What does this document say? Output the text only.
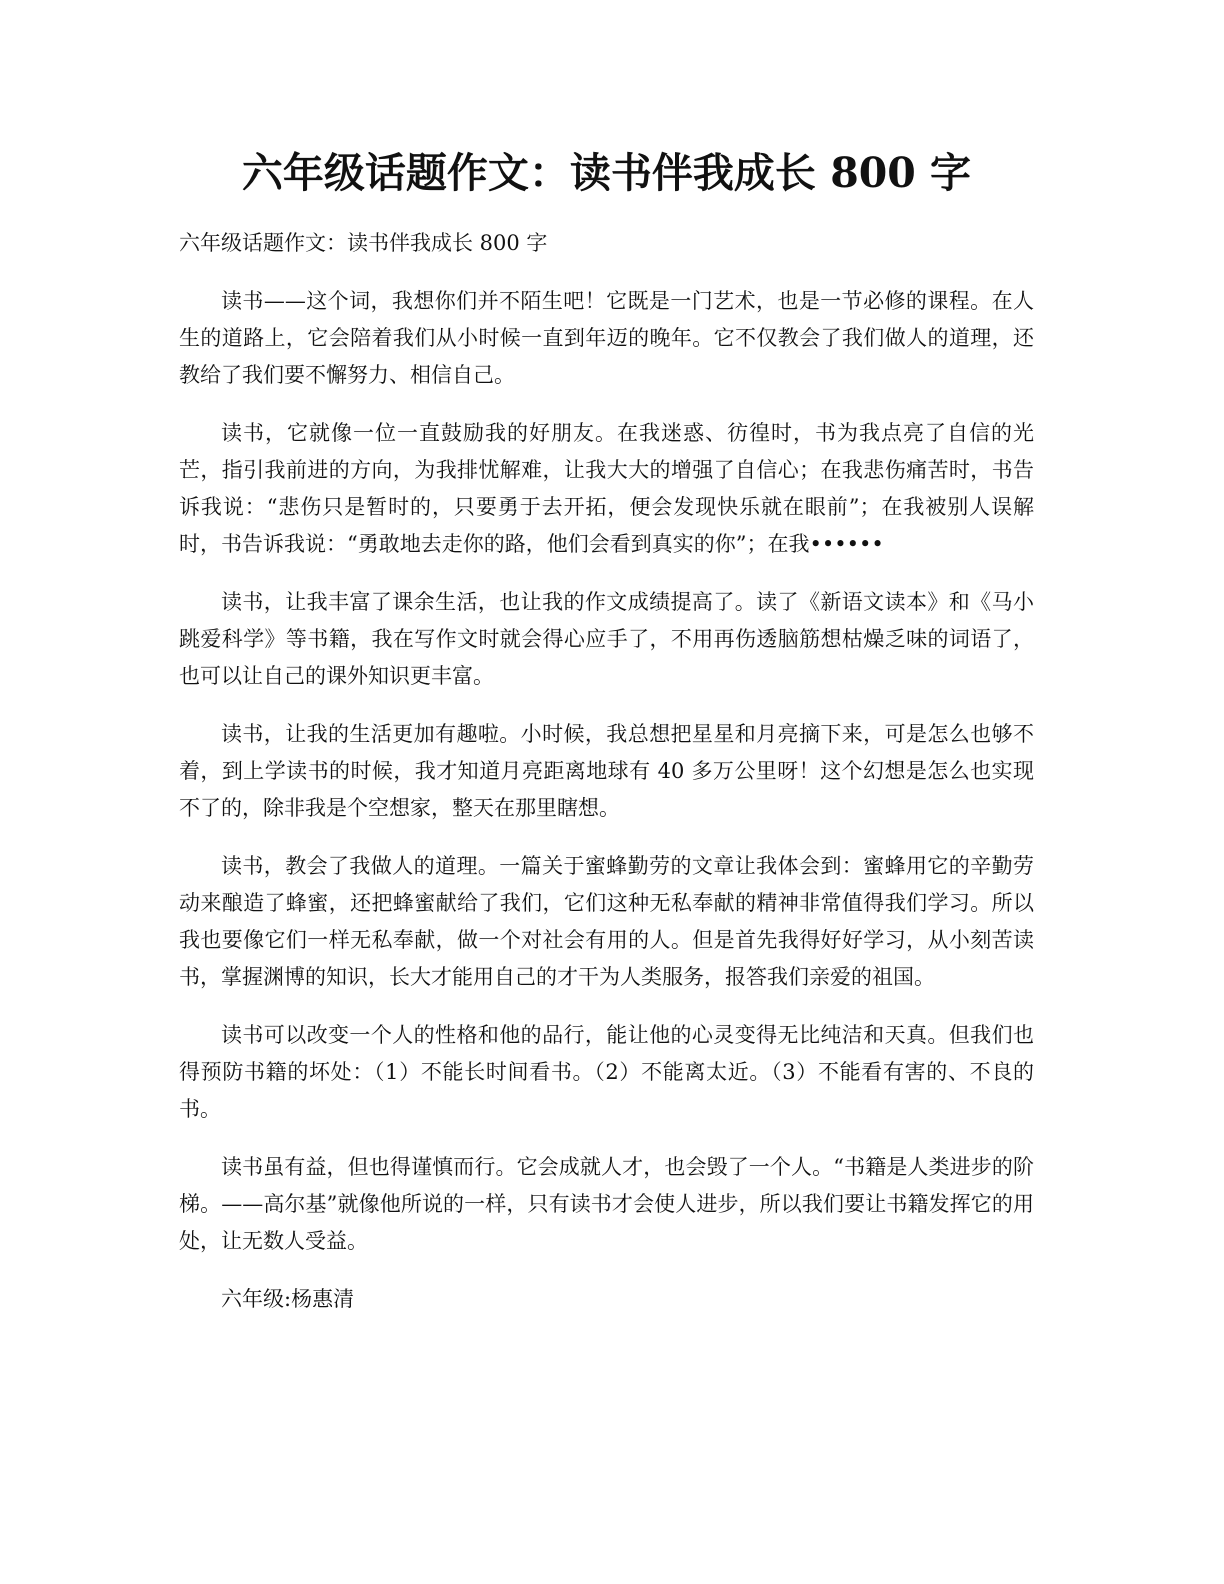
六年级话题作文：读书伴我成长 800 字
六年级话题作文：读书伴我成长 800 字

读书——这个词，我想你们并不陌生吧！它既是一门艺术，也是一节必修的课程。在人生的道路上，它会陪着我们从小时候一直到年迈的晚年。它不仅教会了我们做人的道理，还教给了我们要不懈努力、相信自己。

读书，它就像一位一直鼓励我的好朋友。在我迷惑、彷徨时，书为我点亮了自信的光芒，指引我前进的方向，为我排忧解难，让我大大的增强了自信心；在我悲伤痛苦时，书告诉我说：“悲伤只是暂时的，只要勇于去开拓，便会发现快乐就在眼前”；在我被别人误解时，书告诉我说：“勇敢地去走你的路，他们会看到真实的你”；在我••••••

读书，让我丰富了课余生活，也让我的作文成绩提高了。读了《新语文读本》和《马小跳爱科学》等书籍，我在写作文时就会得心应手了，不用再伤透脑筋想枯燥乏味的词语了，也可以让自己的课外知识更丰富。

读书，让我的生活更加有趣啦。小时候，我总想把星星和月亮摘下来，可是怎么也够不着，到上学读书的时候，我才知道月亮距离地球有 40 多万公里呀！这个幻想是怎么也实现不了的，除非我是个空想家，整天在那里瞎想。

读书，教会了我做人的道理。一篇关于蜜蜂勤劳的文章让我体会到：蜜蜂用它的辛勤劳动来酿造了蜂蜜，还把蜂蜜献给了我们，它们这种无私奉献的精神非常值得我们学习。所以我也要像它们一样无私奉献，做一个对社会有用的人。但是首先我得好好学习，从小刻苦读书，掌握渊博的知识，长大才能用自己的才干为人类服务，报答我们亲爱的祖国。

读书可以改变一个人的性格和他的品行，能让他的心灵变得无比纯洁和天真。但我们也得预防书籍的坏处：（1）不能长时间看书。（2）不能离太近。（3）不能看有害的、不良的书。

读书虽有益，但也得谨慎而行。它会成就人才，也会毁了一个人。“书籍是人类进步的阶梯。——高尔基”就像他所说的一样，只有读书才会使人进步，所以我们要让书籍发挥它的用处，让无数人受益。

六年级:杨惠清
